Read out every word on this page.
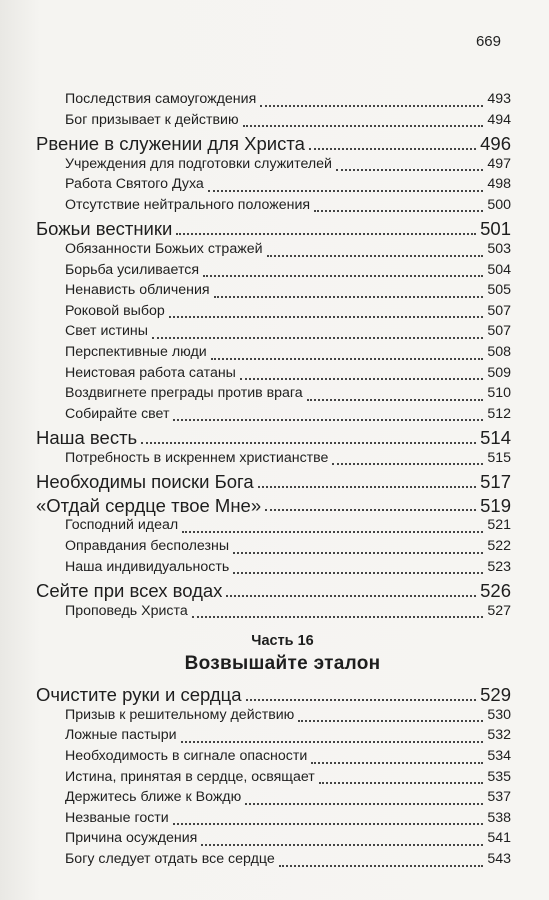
669
Последствия самоугождения	493
Бог призывает к действию	494
Рвение в служении для Христа	496
Учреждения для подготовки служителей	497
Работа Святого Духа	498
Отсутствие нейтрального положения	500
Божьи вестники	501
Обязанности Божьих стражей	503
Борьба усиливается	504
Ненависть обличения	505
Роковой выбор	507
Свет истины	507
Перспективные люди	508
Неистовая работа сатаны	509
Воздвигнете преграды против врага	510
Собирайте свет	512
Наша весть	514
Потребность в искреннем христианстве	515
Необходимы поиски Бога	517
«Отдай сердце твое Мне»	519
Господний идеал	521
Оправдания бесполезны	522
Наша индивидуальность	523
Сейте при всех водах	526
Проповедь Христа	527
Часть 16
Возвышайте эталон
Очистите руки и сердца	529
Призыв к решительному действию	530
Ложные пастыри	532
Необходимость в сигнале опасности	534
Истина, принятая в сердце, освящает	535
Держитесь ближе к Вождю	537
Незваные гости	538
Причина осуждения	541
Богу следует отдать все сердце	543
